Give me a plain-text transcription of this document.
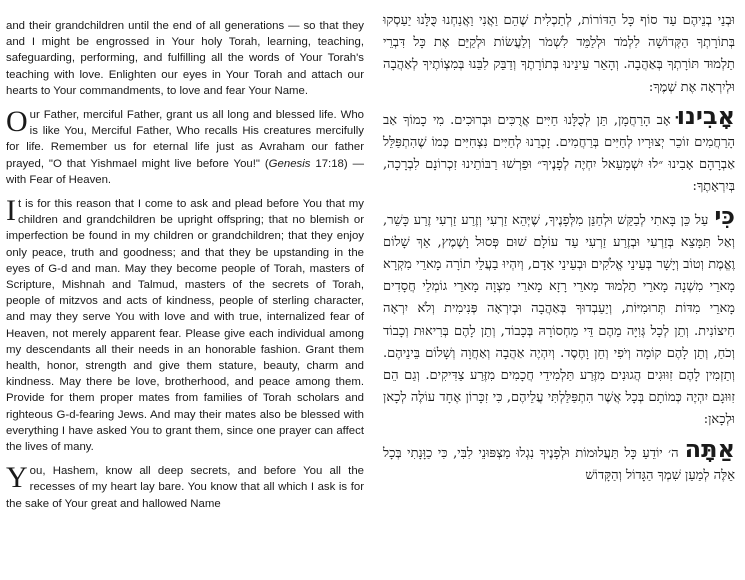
and their grandchildren until the end of all generations — so that they and I might be engrossed in Your holy Torah, learning, teaching, safeguarding, performing, and fulfilling all the words of Your Torah's teaching with love. Enlighten our eyes in Your Torah and attach our hearts to Your commandments, to love and fear Your Name.

Our Father, merciful Father, grant us all long and blessed life. Who is like You, Merciful Father, Who recalls His creatures mercifully for life. Remember us for eternal life just as Avraham our father prayed, "O that Yishmael might live before You!" (Genesis 17:18) — with Fear of Heaven.

It is for this reason that I come to ask and plead before You that my children and grandchildren be upright offspring; that no blemish or imperfection be found in my children or grandchildren; that they enjoy only peace, truth and goodness; and that they be upstanding in the eyes of G-d and man. May they become people of Torah, masters of Scripture, Mishnah and Talmud, masters of the secrets of Torah, people of mitzvos and acts of kindness, people of sterling character, and may they serve You with love and with true, internalized fear of Heaven, not merely apparent fear. Please give each individual among my descendants all their needs in an honorable fashion. Grant them health, honor, strength and give them stature, beauty, charm and kindness. May there be love, brotherhood, and peace among them. Provide for them proper mates from families of Torah scholars and righteous G-d-fearing Jews. And may their mates also be blessed with everything I have asked You to grant them, since one prayer can affect the lives of many.

You, Hashem, know all deep secrets, and before You all the recesses of my heart lay bare. You know that all which I ask is for the sake of Your great and hallowed Name

וּבְנֵי בְנֵיהֶם עַד סוֹף כָּל הַדּוֹרוֹת, לְתַכְלִית שֶׁהֵם וַאֲנִי וַאֲנַחְנוּ כֻּלָּנוּ יַעַסְקוּ בְּתוֹרָתְךָ הַקְּדוֹשָׁה לִלְמֹד וּלְלַמֵּד לִשְׁמֹר וְלַעֲשׂוֹת וּלְקַיֵּם אֶת כָּל דִּבְרֵי תַלְמוּד תּוֹרָתְךָ בְּאַהֲבָה. וְהָאֵר עֵינֵינוּ בְּתוֹרָתֶךָ וְדַבֵּק לִבֵּנוּ בְּמִצְוֹתֶיךָ לְאַהֲבָה וּלְיִרְאָה אֶת שְׁמֶךָ:

אָבִינוּאָב הָרַחֲמָן, תֵּן לְכֻלָּנוּ חַיִּים אֲרֻכִּים וּבְרוּכִים. מִי כָמוֹךָ אַב הָרַחֲמִים זוֹכֵר יְצוּרָיו לְחַיִּים בְּרַחֲמִים. זָכְרֵנוּ לְחַיִּים נִצְחִיִּים כְּמוֹ שֶׁהִתְפַּלֵּל אַבְרָהָם אָבִינוּ ״לוּ יִשְׁמָעֵאל יִחְיֶה לְפָנֶיךָ״ וּפֵרְשׁוּ רַבּוֹתֵינוּ זִכְרוֹנָם לִבְרָכָה, בְּיִרְאָתֶךָ:

כִּיעַל כֵּן בָּאתִי לְבַקֵּשׁ וּלְחַנֵּן מִלְּפָנֶיךָ, שֶׁיְּהֵא זַרְעִי וְזֶרַע זַרְעִי זֶרַע כָּשֵׁר, וְאַל תִּמָּצֵא בְּזַרְעִי וּבְזֶרַע זַרְעִי עַד עוֹלָם שׁוּם פְּסוּל וָשֶׁמֶץ, אַךְ שָׁלוֹם וֶאֱמֶת וְטוֹב וְיָשָׁר בְּעֵינֵי אֱלֹקִים וּבְעֵינֵי אָדָם, וְיִהְיוּ בַעֲלֵי תוֹרָה מָארֵי מִקְרָא מָארֵי מִשְׁנָה מָארֵי תַלְמוּד מָארֵי רָזָא מָארֵי מִצְוָה מָארֵי גוֹמְלֵי חֲסָדִים מָארֵי מִדּוֹת תְּרוּמִיּוֹת, וְיַעַבְדוּךָ בְּאַהֲבָה וּבְיִרְאָה פְּנִימִית וְלֹא יִרְאָה חִיצוֹנִית. וְתֵן לְכָל גְּוִיָּה מֵהֶם דֵּי מַחְסוֹרָהּ בְּכָבוֹד, וְתֵן לָהֶם בְּרִיאוּת וְכָבוֹד וְכֹחַ, וְתֵן לָהֶם קוֹמָה וְיֹפִי וְחֵן וָחֶסֶד. וְיִהְיֶה אַהֲבָה וְאַחֲוָה וְשָׁלוֹם בֵּינֵיהֶם. וְתַזְמִין לָהֶם זִוּוּגִים הֲגוּנִים מִזֶּרַע תַּלְמִידֵי חֲכָמִים מִזֶּרַע צַדִּיקִים. וְגַם הֵם זִוּוּגָם יִהְיֶה כְּמוֹתָם בְּכָל אֲשֶׁר הִתְפַּלַּלְתִּי עֲלֵיהֶם, כִּי זִכָּרוֹן אֶחָד עוֹלֶה לְכָאן וּלְכָאן:

אַתָּהה׳ יוֹדֵעַ כָּל תַּעֲלוּמוֹת וּלְפָנֶיךָ נִגְלוּ מַצְפּוּנֵי לִבִּי, כִּי כַוָּנָתִי בְּכָל אֵלֶּה לְמַעַן שִׁמְךָ הַגָּדוֹל וְהַקָּדוֹשׁ
